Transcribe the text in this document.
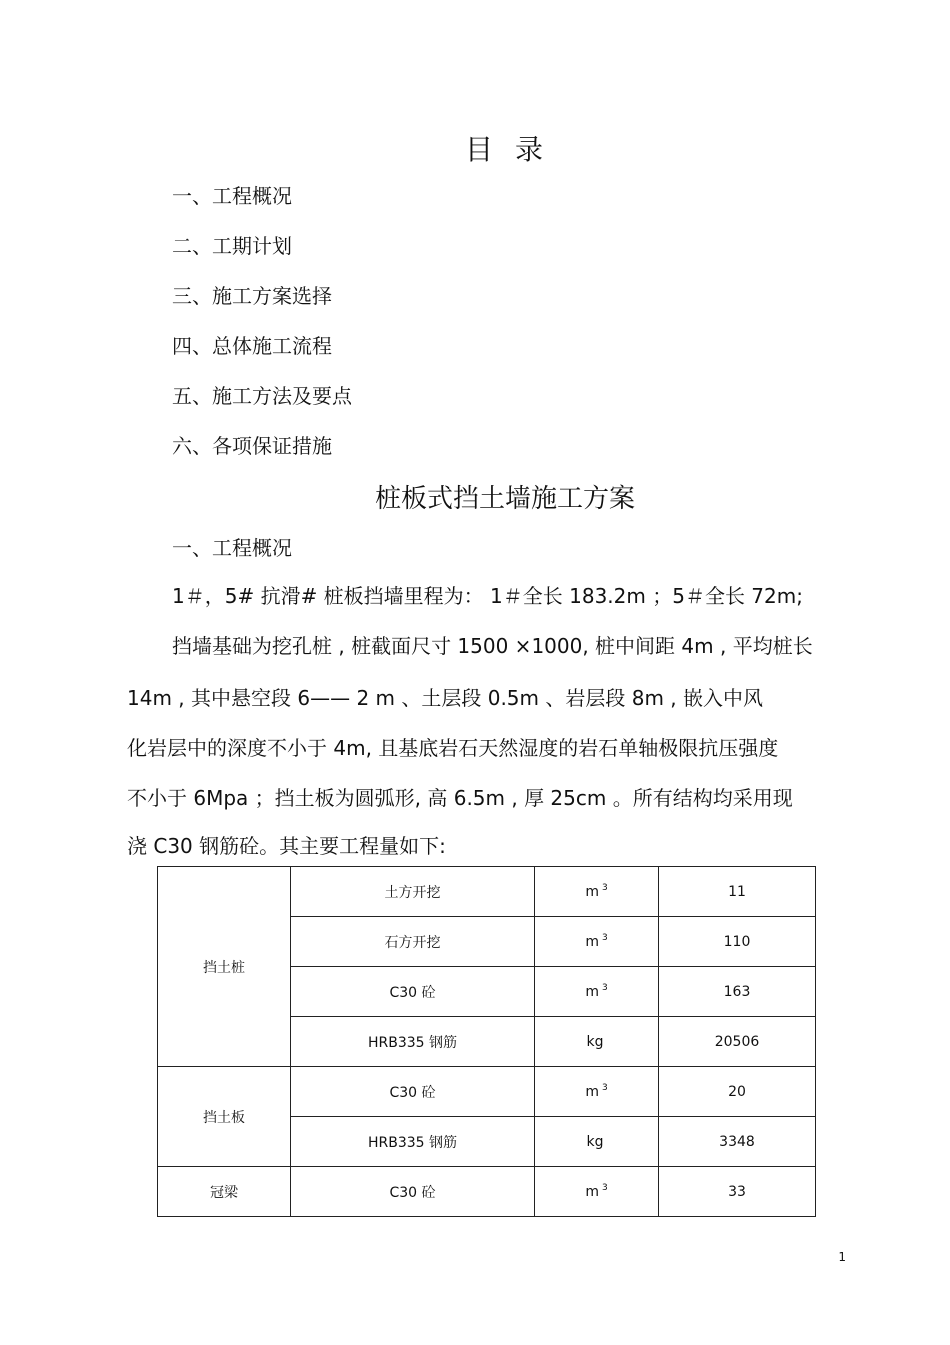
目录
一、工程概况
二、工期计划
三、施工方案选择
四、总体施工流程
五、施工方法及要点
六、各项保证措施
桩板式挡土墙施工方案
一、工程概况
1＃，5# 抗滑# 桩板挡墙里程为： 1＃全长 183.2m ；5＃全长 72m;
挡墙基础为挖孔桩 , 桩截面尺寸 1500 ×1000, 桩中间距 4m , 平均桩长
14m , 其中悬空段 6—— 2 m 、土层段 0.5m 、岩层段 8m , 嵌入中风
化岩层中的深度不小于 4m, 且基底岩石天然湿度的岩石单轴极限抗压强度
不小于 6Mpa ；挡土板为圆弧形, 高 6.5m , 厚 25cm 。所有结构均采用现
浇 C30 钢筋砼。其主要工程量如下:
挡土桩	土方开挖	m $^3$	11
	石方开挖	m $^3$	110
	C30 砼	m $^3$	163
	HRB335 钢筋	kg	20506
挡土板	C30 砼	m $^3$	20
	HRB335 钢筋	kg	3348
冠梁	C30 砼	m $^3$	33
1
